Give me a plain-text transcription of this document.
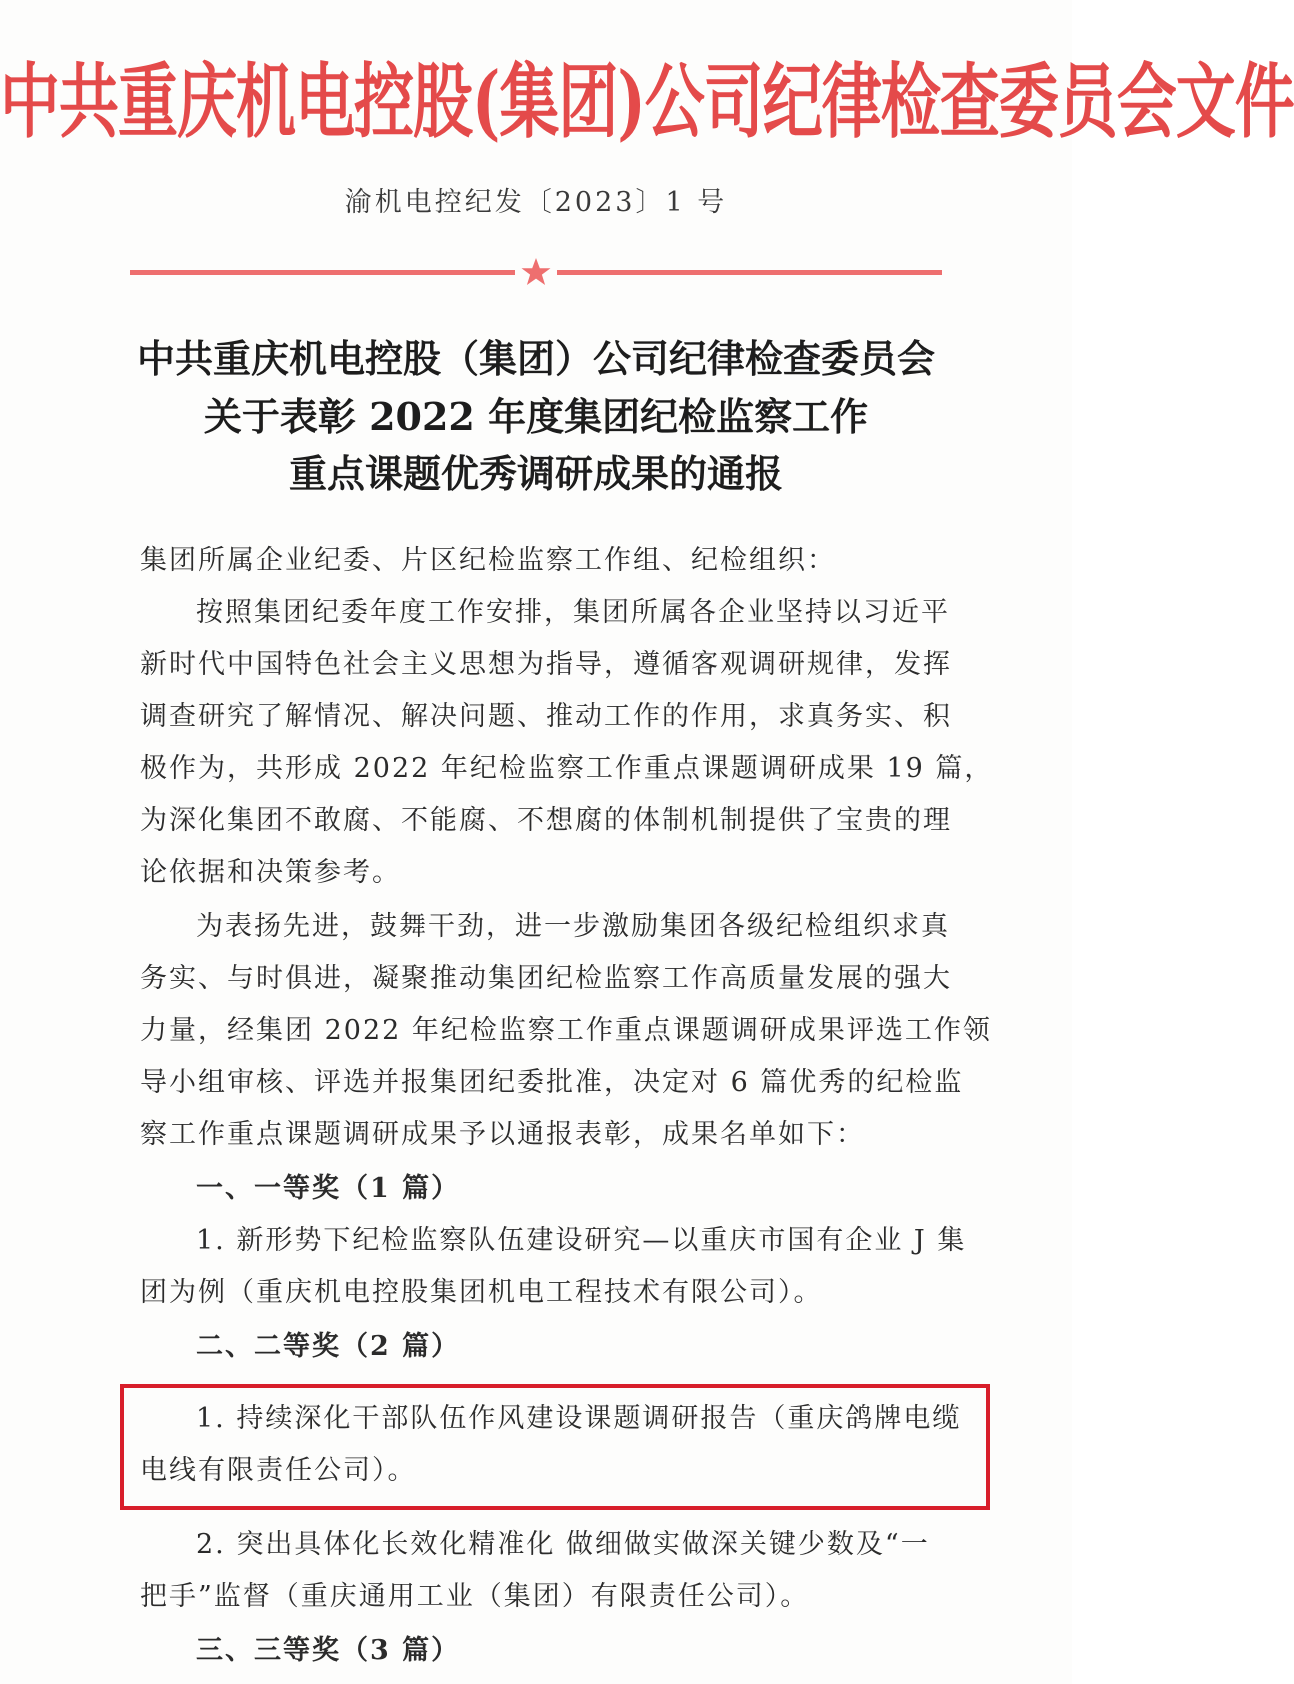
中共重庆机电控股(集团)公司纪律检查委员会文件
渝机电控纪发〔2023〕1 号
中共重庆机电控股（集团）公司纪律检查委员会
关于表彰 2022 年度集团纪检监察工作
重点课题优秀调研成果的通报
集团所属企业纪委、片区纪检监察工作组、纪检组织：
按照集团纪委年度工作安排，集团所属各企业坚持以习近平
新时代中国特色社会主义思想为指导，遵循客观调研规律，发挥
调查研究了解情况、解决问题、推动工作的作用，求真务实、积
极作为，共形成 2022 年纪检监察工作重点课题调研成果 19 篇，
为深化集团不敢腐、不能腐、不想腐的体制机制提供了宝贵的理
论依据和决策参考。
为表扬先进，鼓舞干劲，进一步激励集团各级纪检组织求真
务实、与时俱进，凝聚推动集团纪检监察工作高质量发展的强大
力量，经集团 2022 年纪检监察工作重点课题调研成果评选工作领
导小组审核、评选并报集团纪委批准，决定对 6 篇优秀的纪检监
察工作重点课题调研成果予以通报表彰，成果名单如下：
一、一等奖（1 篇）
1. 新形势下纪检监察队伍建设研究—以重庆市国有企业 J 集
团为例（重庆机电控股集团机电工程技术有限公司）。
二、二等奖（2 篇）
1. 持续深化干部队伍作风建设课题调研报告（重庆鸽牌电缆
电线有限责任公司）。
2. 突出具体化长效化精准化 做细做实做深关键少数及“一
把手”监督（重庆通用工业（集团）有限责任公司）。
三、三等奖（3 篇）
